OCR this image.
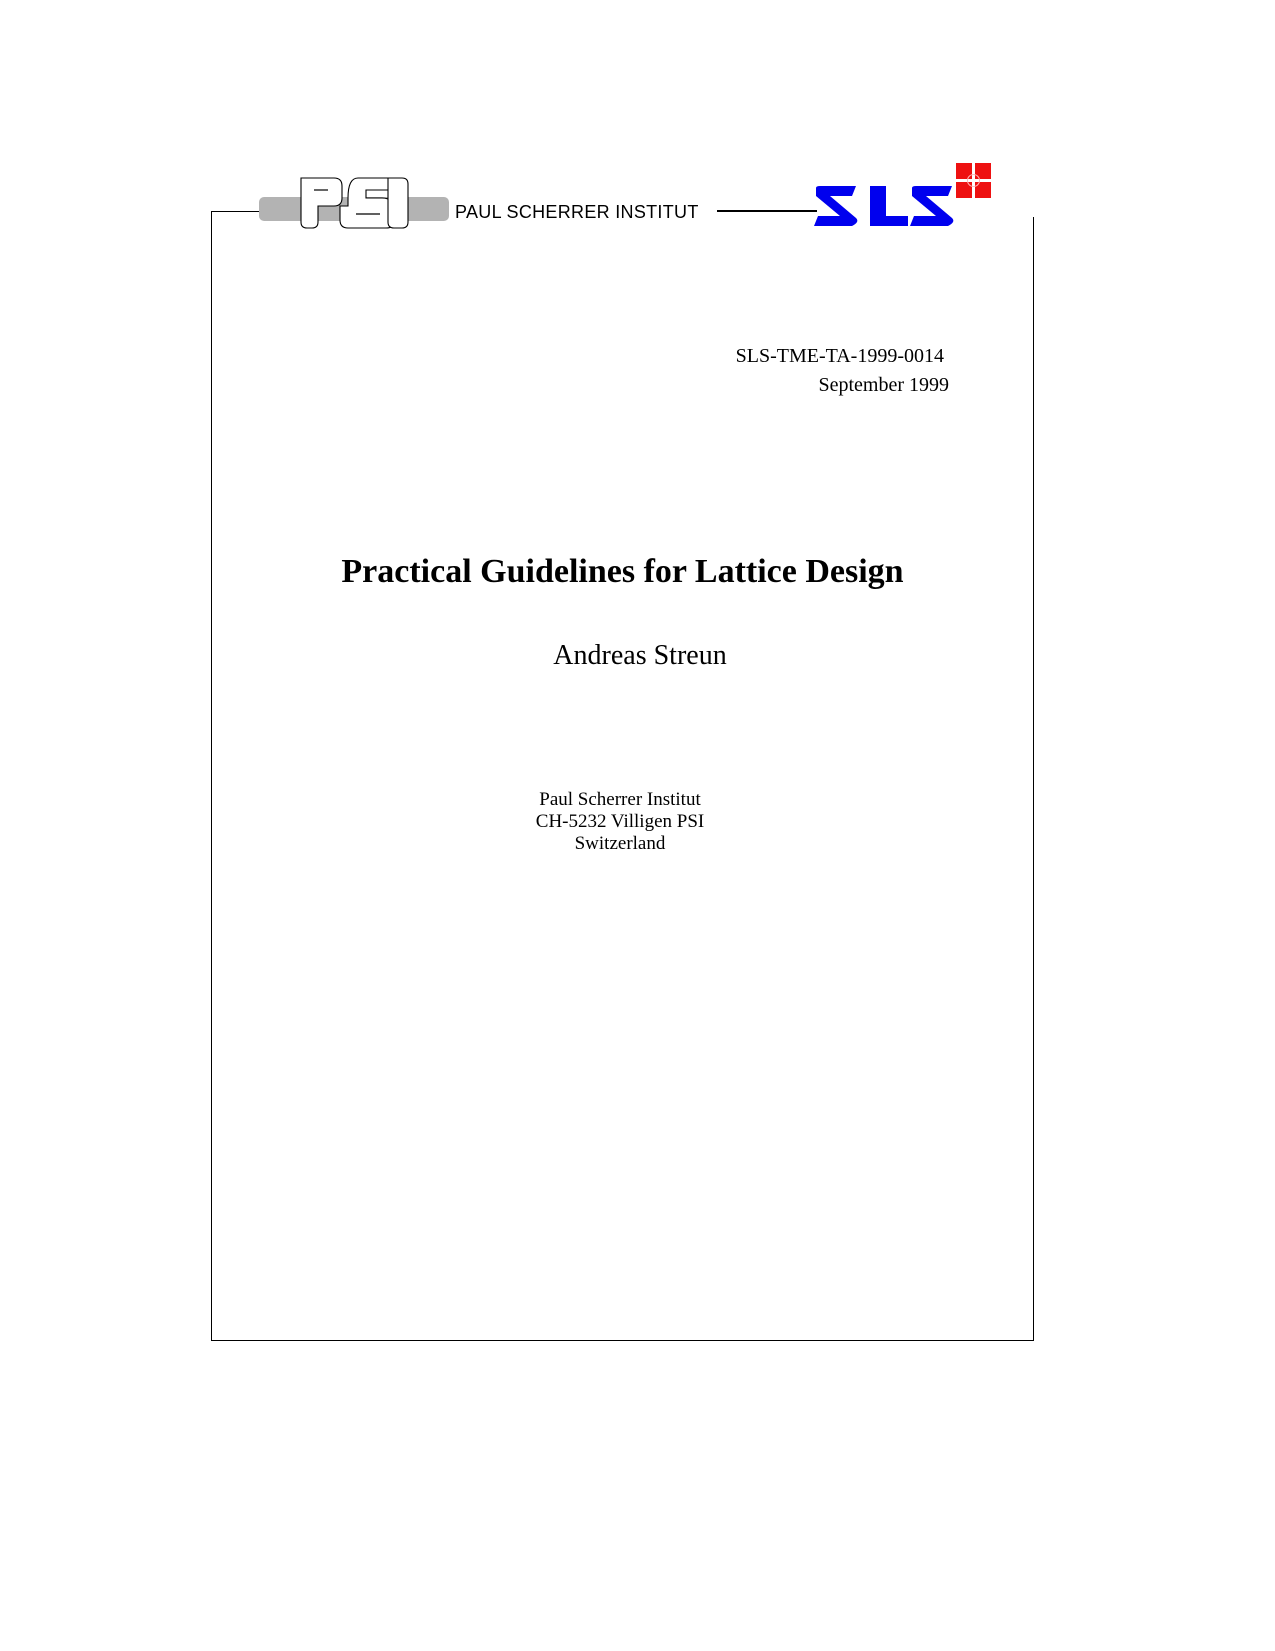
PSI
PAUL SCHERRER INSTITUT
SLS
SLS-TME-TA-1999-0014
September 1999
Practical Guidelines for Lattice Design
Andreas Streun
Paul Scherrer Institut
CH-5232 Villigen PSI
Switzerland
